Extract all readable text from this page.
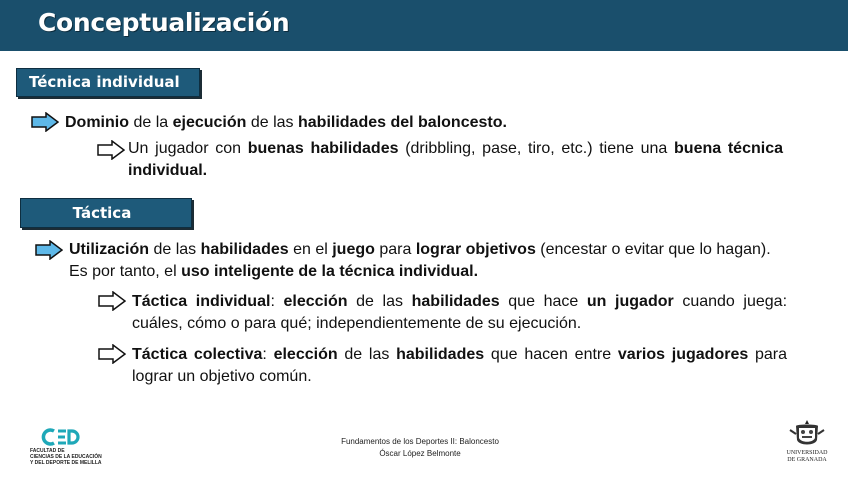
Conceptualización
Técnica individual
Dominio de la ejecución de las habilidades del baloncesto.
Un jugador con buenas habilidades (dribbling, pase, tiro, etc.) tiene una buena técnica individual.
Táctica
Utilización de las habilidades en el juego para lograr objetivos (encestar o evitar que lo hagan). Es por tanto, el uso inteligente de la técnica individual.
Táctica individual: elección de las habilidades que hace un jugador cuando juega: cuáles, cómo o para qué; independientemente de su ejecución.
Táctica colectiva: elección de las habilidades que hacen entre varios jugadores para lograr un objetivo común.
Fundamentos de los Deportes II: Baloncesto
Óscar López Belmonte
FACULTAD DE
CIENCIAS DE LA EDUCACIÓN
Y DEL DEPORTE DE MELILLA
UNIVERSIDAD
DE GRANADA
